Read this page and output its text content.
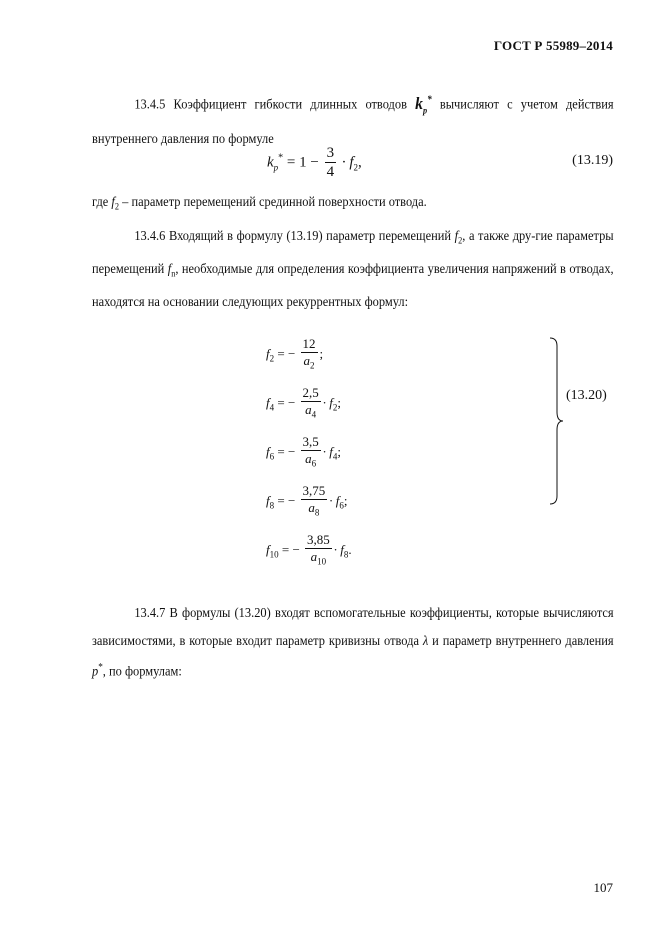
ГОСТ Р 55989–2014
13.4.5 Коэффициент гибкости длинных отводов $k_p^*$ вычисляют с учетом действия внутреннего давления по формуле
$k_p^* = 1 - \frac{3}{4} \cdot f_2$,	(13.19)
где $f_2$ – параметр перемещений срединной поверхности отвода.
13.4.6 Входящий в формулу (13.19) параметр перемещений $f_2$, а также дру-гие параметры перемещений $f_n$, необходимые для определения коэффициента увеличения напряжений в отводах, находятся на основании следующих рекуррентных формул:
$f_2$ = − $\frac{12}{a_2}$ ;
$f_4$ = − $\frac{2,5}{a_4} \cdot f_2$;
$f_6$ = − $\frac{3,5}{a_6} \cdot f_4$;
$f_8$ = − $\frac{3,75}{a_8} \cdot f_6$;
$f_{10}$ = − $\frac{3,85}{a_{10}} \cdot f_8$.
(13.20)
13.4.7 В формулы (13.20) входят вспомогательные коэффициенты, которые вычисляются зависимостями, в которые входит параметр кривизны отвода λ и параметр внутреннего давления p*, по формулам:
107
